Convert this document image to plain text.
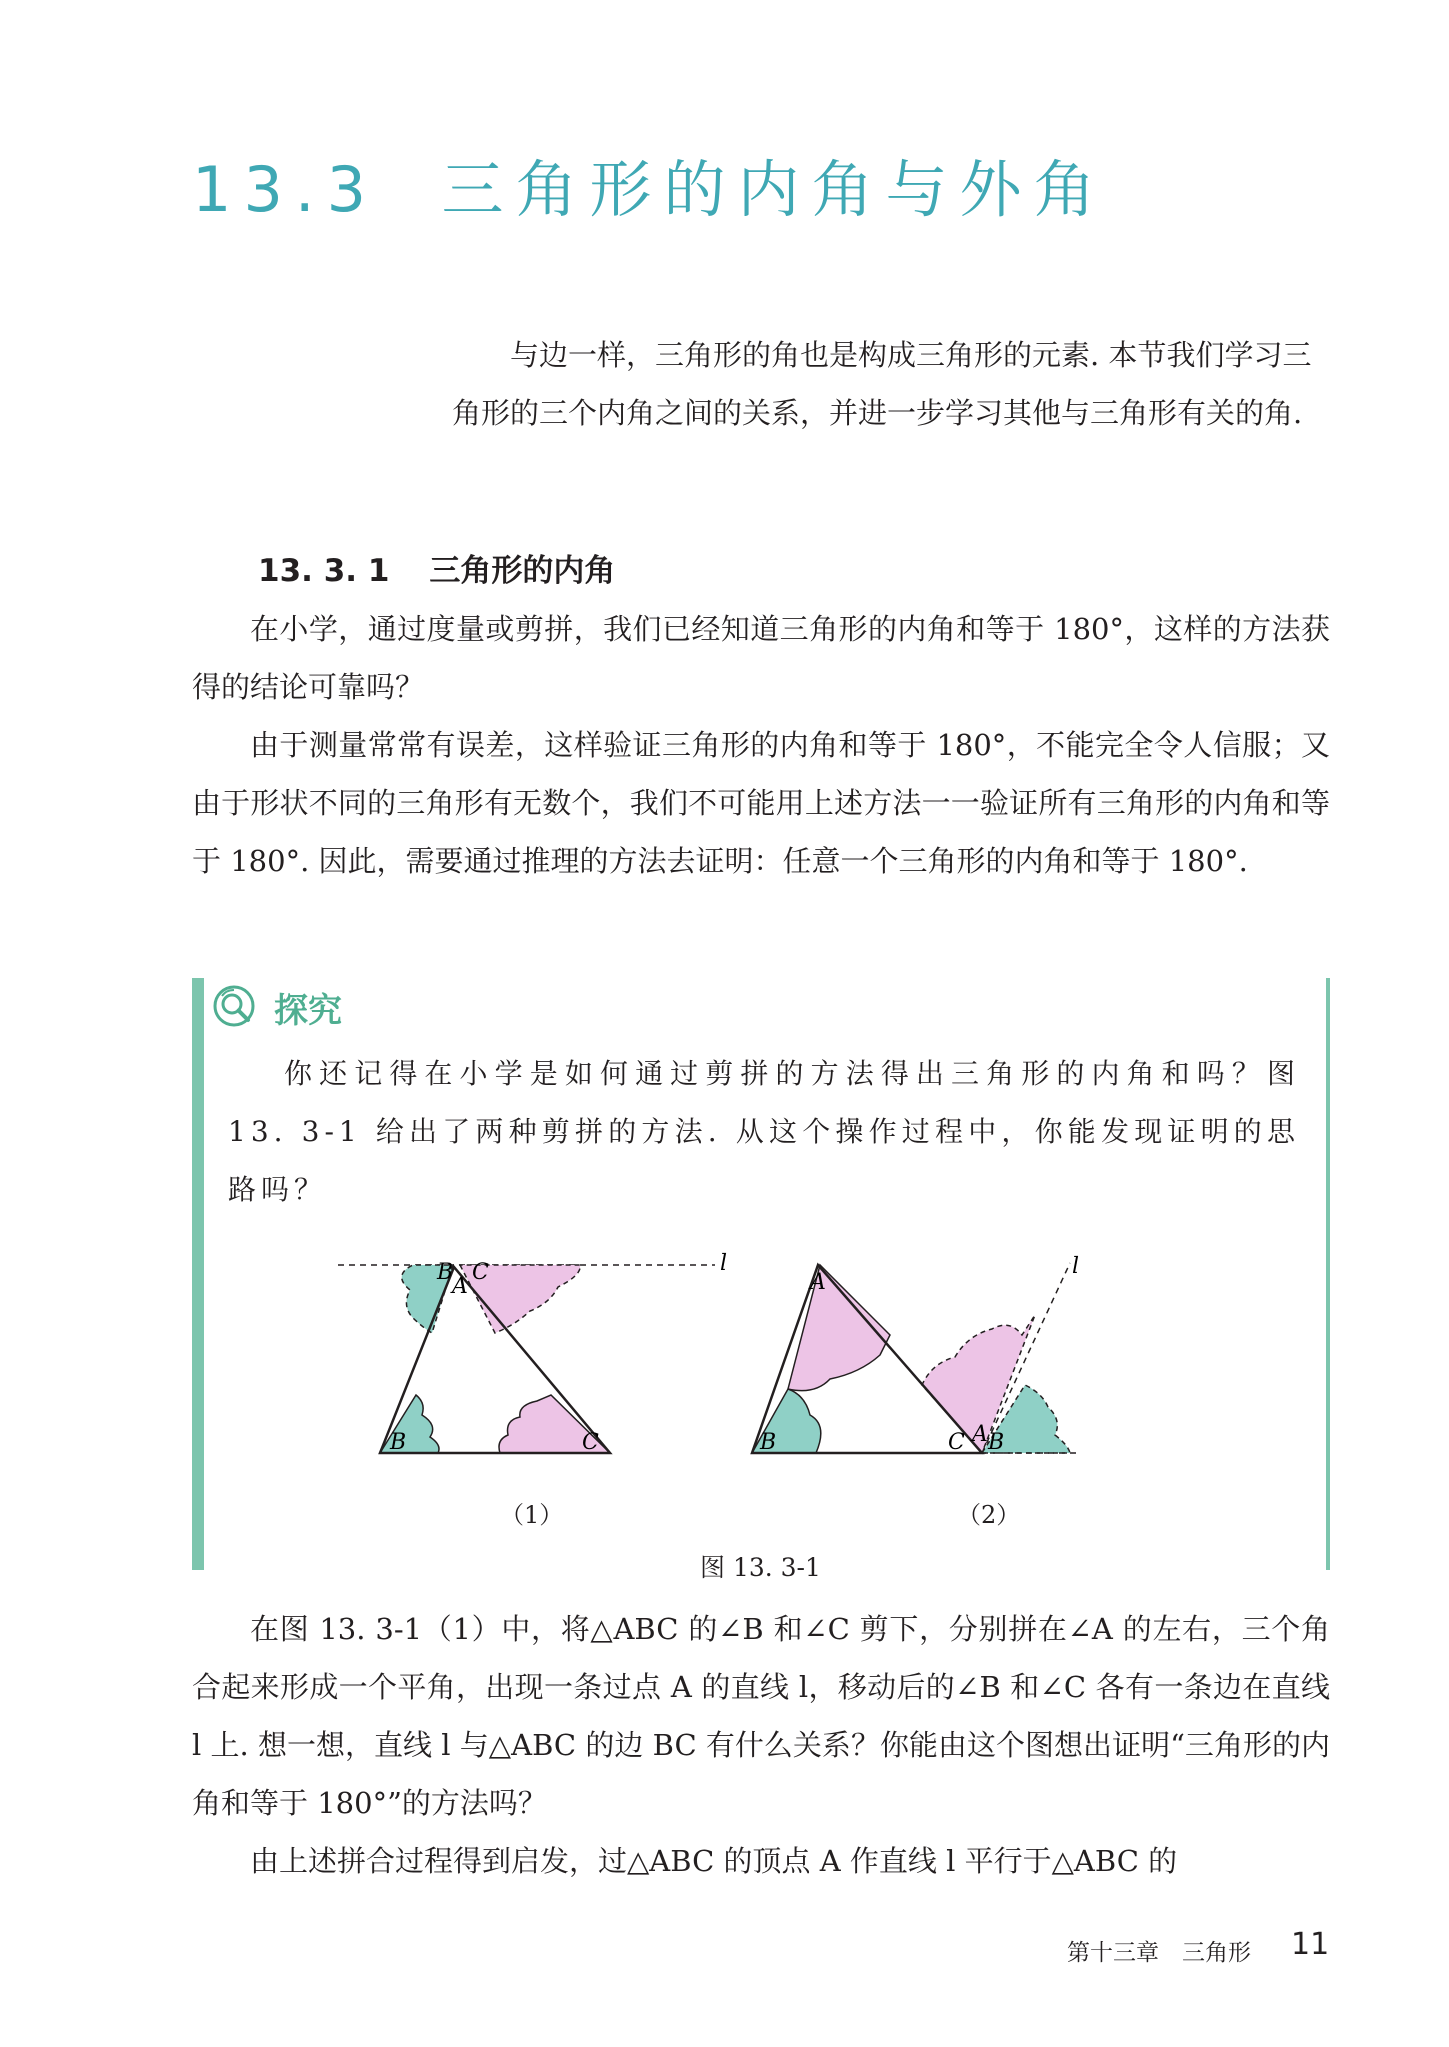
13.3 三角形的内角与外角

与边一样，三角形的角也是构成三角形的元素. 本节我们学习三角形的三个内角之间的关系，并进一步学习其他与三角形有关的角.

13. 3. 1 三角形的内角

在小学，通过度量或剪拼，我们已经知道三角形的内角和等于 180°，这样的方法获得的结论可靠吗？

由于测量常常有误差，这样验证三角形的内角和等于 180°，不能完全令人信服；又由于形状不同的三角形有无数个，我们不可能用上述方法一一验证所有三角形的内角和等于 180°. 因此，需要通过推理的方法去证明：任意一个三角形的内角和等于 180°.

探究

你还记得在小学是如何通过剪拼的方法得出三角形的内角和吗？图 13. 3-1 给出了两种剪拼的方法. 从这个操作过程中，你能发现证明的思路吗？

B C
A
l
B	C
A
l
B	C A B

（1）	（2）

图 13. 3-1

在图 13. 3-1（1）中，将△ABC 的∠B 和∠C 剪下，分别拼在∠A 的左右，三个角合起来形成一个平角，出现一条过点 A 的直线 l，移动后的∠B 和∠C 各有一条边在直线 l 上. 想一想，直线 l 与△ABC 的边 BC 有什么关系？你能由这个图想出证明“三角形的内角和等于 180°”的方法吗？

由上述拼合过程得到启发，过△ABC 的顶点 A 作直线 l 平行于△ABC 的

第十三章　三角形 11
